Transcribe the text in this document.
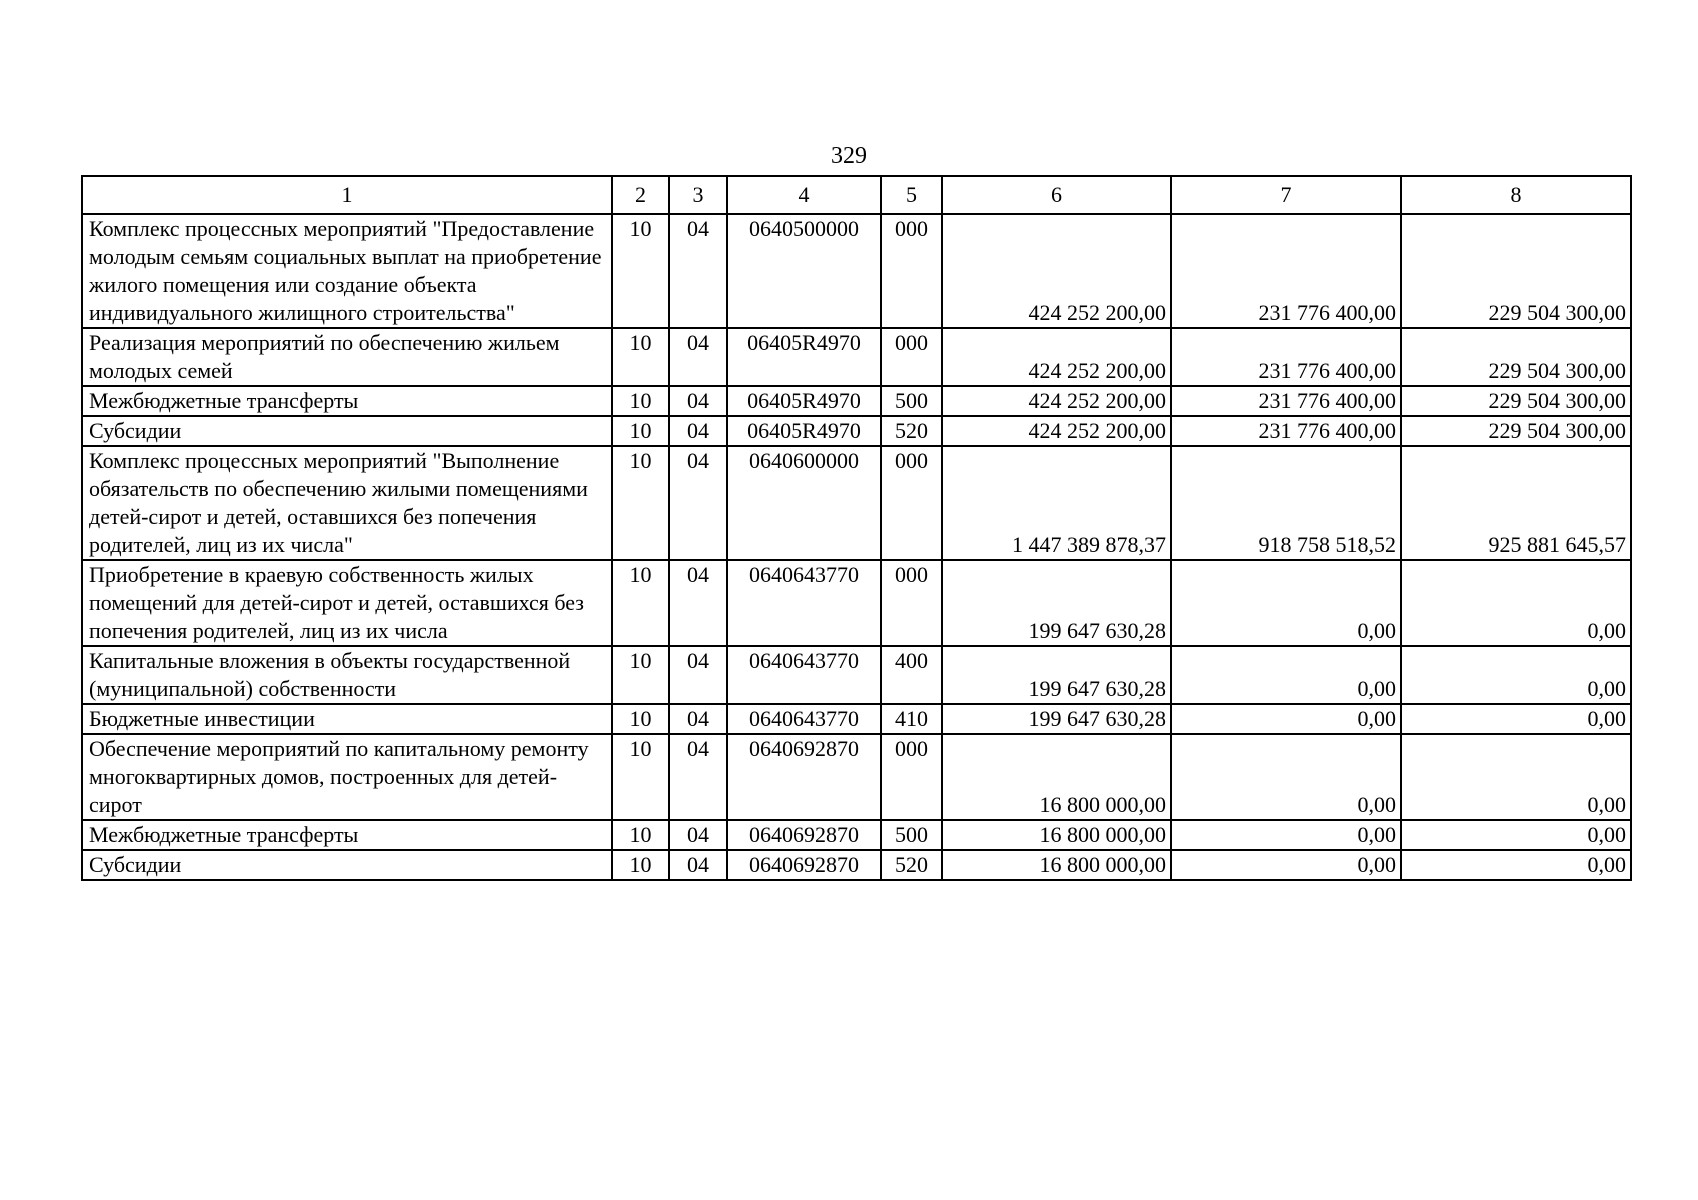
329
1	2	3	4	5	6	7	8
Комплекс процессных мероприятий "Предоставление молодым семьям социальных выплат на приобретение жилого помещения или создание объекта индивидуального жилищного строительства"	10	04	0640500000	000	424 252 200,00	231 776 400,00	229 504 300,00
Реализация мероприятий по обеспечению жильем молодых семей	10	04	06405R4970	000	424 252 200,00	231 776 400,00	229 504 300,00
Межбюджетные трансферты	10	04	06405R4970	500	424 252 200,00	231 776 400,00	229 504 300,00
Субсидии	10	04	06405R4970	520	424 252 200,00	231 776 400,00	229 504 300,00
Комплекс процессных мероприятий "Выполнение обязательств по обеспечению жилыми помещениями детей-сирот и детей, оставшихся без попечения родителей, лиц из их числа"	10	04	0640600000	000	1 447 389 878,37	918 758 518,52	925 881 645,57
Приобретение в краевую собственность жилых помещений для детей-сирот и детей, оставшихся без попечения родителей, лиц из их числа	10	04	0640643770	000	199 647 630,28	0,00	0,00
Капитальные вложения в объекты государственной (муниципальной) собственности	10	04	0640643770	400	199 647 630,28	0,00	0,00
Бюджетные инвестиции	10	04	0640643770	410	199 647 630,28	0,00	0,00
Обеспечение мероприятий по капитальному ремонту многоквартирных домов, построенных для детей-сирот	10	04	0640692870	000	16 800 000,00	0,00	0,00
Межбюджетные трансферты	10	04	0640692870	500	16 800 000,00	0,00	0,00
Субсидии	10	04	0640692870	520	16 800 000,00	0,00	0,00
